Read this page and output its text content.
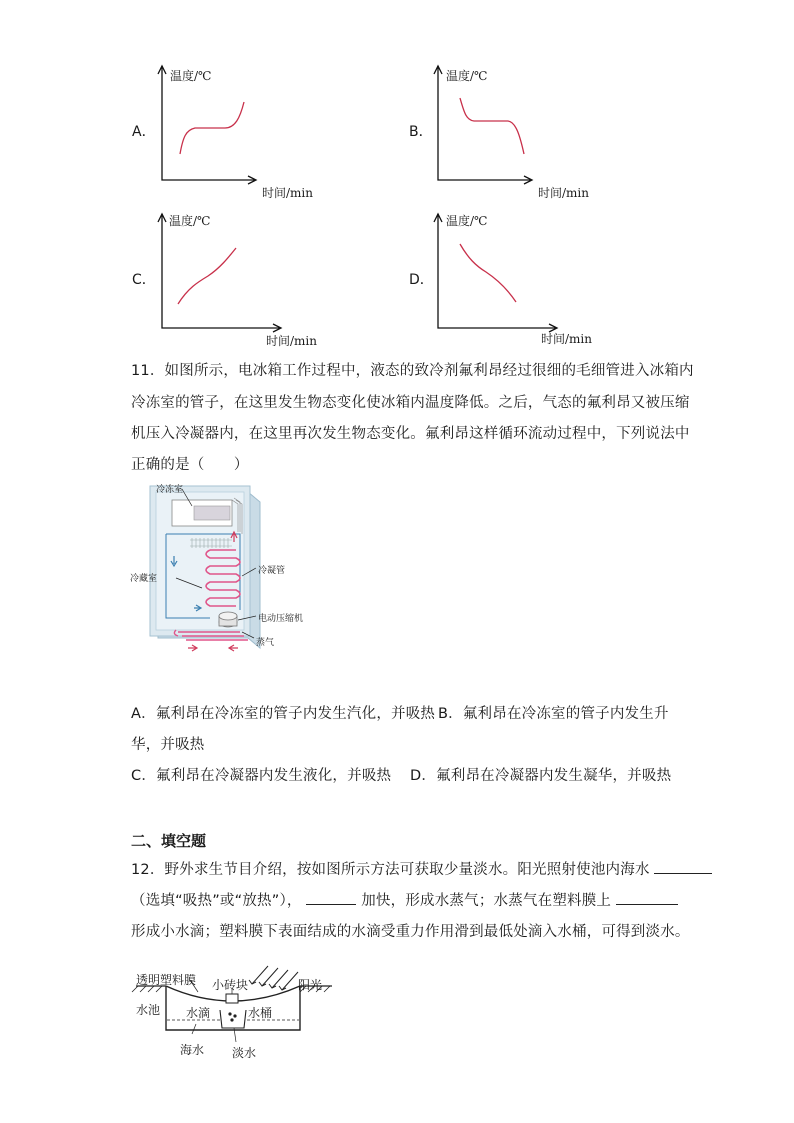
A．
温度/℃
时间/min
B．
温度/℃
时间/min
C．
温度/℃
时间/min
D．
温度/℃
时间/min
11．如图所示，电冰箱工作过程中，液态的致冷剂氟利昂经过很细的毛细管进入冰箱内
冷冻室的管子，在这里发生物态变化使冰箱内温度降低。之后，气态的氟利昂又被压缩
机压入冷凝器内，在这里再次发生物态变化。氟利昂这样循环流动过程中，下列说法中
正确的是（　　）
冷冻室
冷藏室
冷凝管
电动压缩机
蒸气
A．氟利昂在冷冻室的管子内发生汽化，并吸热 B．氟利昂在冷冻室的管子内发生升
华，并吸热
C．氟利昂在冷凝器内发生液化，并吸热 D．氟利昂在冷凝器内发生凝华，并吸热
二、填空题
12．野外求生节目介绍，按如图所示方法可获取少量淡水。阳光照射使池内海水
（选填“吸热”或“放热”），	加快，形成水蒸气；水蒸气在塑料膜上
形成小水滴；塑料膜下表面结成的水滴受重力作用滑到最低处滴入水桶，可得到淡水。
透明塑料膜 小砖块	阳光
水池 水滴	水桶
海水 淡水
